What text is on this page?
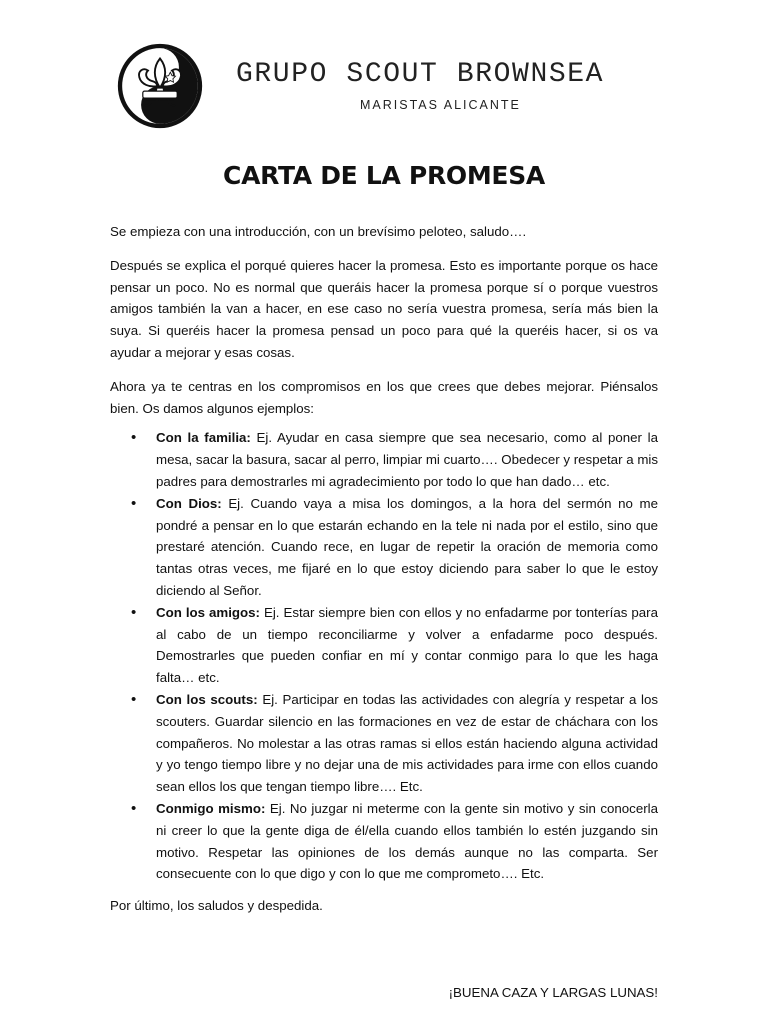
BROWNSEA
GRUPO SCOUT BROWNSEA
MARISTAS ALICANTE
CARTA DE LA PROMESA

Se empieza con una introducción, con un brevísimo peloteo, saludo….

Después se explica el porqué quieres hacer la promesa. Esto es importante porque os hace pensar un poco. No es normal que queráis hacer la promesa porque sí o porque vuestros amigos también la van a hacer, en ese caso no sería vuestra promesa, sería más bien la suya. Si queréis hacer la promesa pensad un poco para qué la queréis hacer, si os va ayudar a mejorar y esas cosas.

Ahora ya te centras en los compromisos en los que crees que debes mejorar. Piénsalos bien. Os damos algunos ejemplos:

• Con la familia: Ej. Ayudar en casa siempre que sea necesario, como al poner la mesa, sacar la basura, sacar al perro, limpiar mi cuarto…. Obedecer y respetar a mis padres para demostrarles mi agradecimiento por todo lo que han dado… etc.
• Con Dios: Ej. Cuando vaya a misa los domingos, a la hora del sermón no me pondré a pensar en lo que estarán echando en la tele ni nada por el estilo, sino que prestaré atención. Cuando rece, en lugar de repetir la oración de memoria como tantas otras veces, me fijaré en lo que estoy diciendo para saber lo que le estoy diciendo al Señor.
• Con los amigos: Ej. Estar siempre bien con ellos y no enfadarme por tonterías para al cabo de un tiempo reconciliarme y volver a enfadarme poco después. Demostrarles que pueden confiar en mí y contar conmigo para lo que les haga falta… etc.
• Con los scouts: Ej. Participar en todas las actividades con alegría y respetar a los scouters. Guardar silencio en las formaciones en vez de estar de cháchara con los compañeros. No molestar a las otras ramas si ellos están haciendo alguna actividad y yo tengo tiempo libre y no dejar una de mis actividades para irme con ellos cuando sean ellos los que tengan tiempo libre…. Etc.
• Conmigo mismo: Ej. No juzgar ni meterme con la gente sin motivo y sin conocerla ni creer lo que la gente diga de él/ella cuando ellos también lo estén juzgando sin motivo. Respetar las opiniones de los demás aunque no las comparta. Ser consecuente con lo que digo y con lo que me comprometo…. Etc.

Por último, los saludos y despedida.

¡BUENA CAZA Y LARGAS LUNAS!
